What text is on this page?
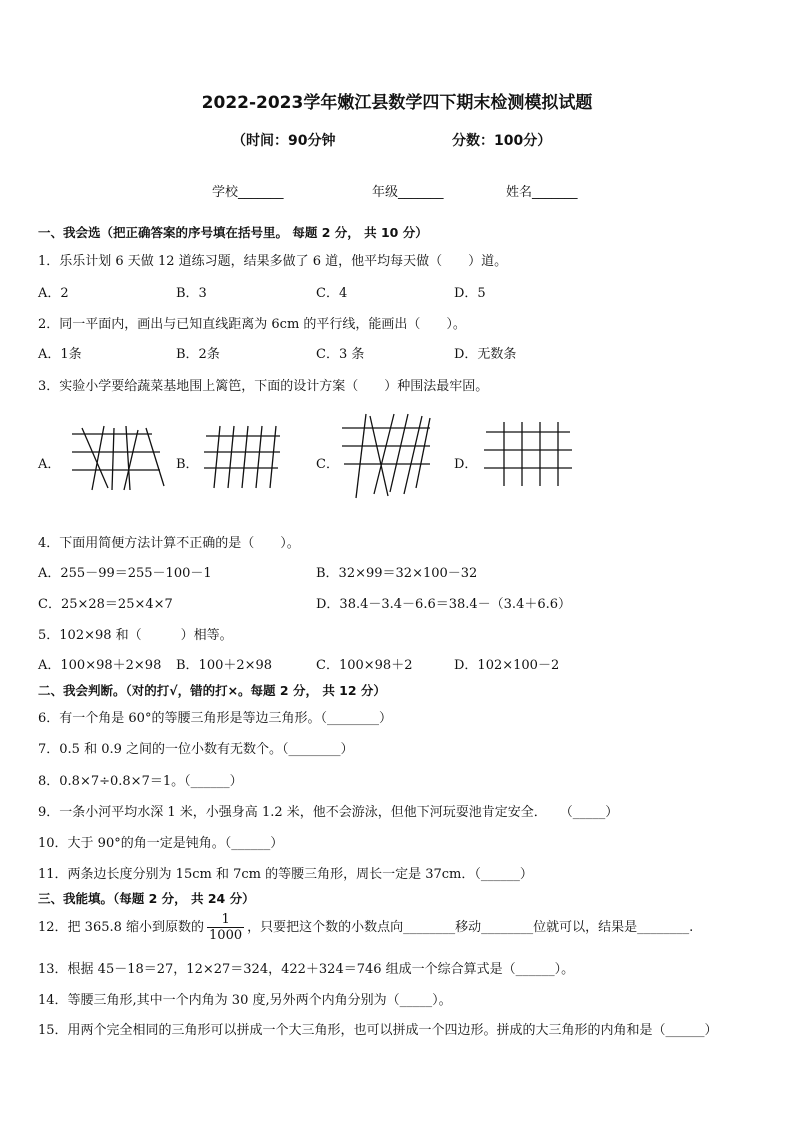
2022-2023学年嫩江县数学四下期末检测模拟试题
（时间：90分钟	分数：100分）
学校_______	年级_______	姓名_______
一、我会选（把正确答案的序号填在括号里。 每题 2 分， 共 10 分）
1．乐乐计划 6 天做 12 道练习题，结果多做了 6 道，他平均每天做（　　）道。
A．2	B．3	C．4	D．5
2．同一平面内，画出与已知直线距离为 6cm 的平行线，能画出（　　）。
A．1条	B．2条	C．3 条	D．无数条
3．实验小学要给蔬菜基地围上篱笆，下面的设计方案（　　）种围法最牢固。
A．	B．	C．	D．
4．下面用简便方法计算不正确的是（　　）。
A．255－99＝255－100－1	B．32×99＝32×100－32
C．25×28＝25×4×7	D．38.4－3.4－6.6＝38.4－（3.4＋6.6）
5．102×98 和（　　　）相等。
A．100×98＋2×98 B．100＋2×98	C．100×98＋2	D．102×100－2
二、我会判断。（对的打√，错的打×。每题 2 分， 共 12 分）
6．有一个角是 60°的等腰三角形是等边三角形。（________）
7．0.5 和 0.9 之间的一位小数有无数个。（________）
8．0.8×7÷0.8×7＝1。（______）
9．一条小河平均水深 1 米，小强身高 1.2 米，他不会游泳，但他下河玩耍池肯定安全．　　（_____）
10．大于 90°的角一定是钝角。（______）
11．两条边长度分别为 15cm 和 7cm 的等腰三角形，周长一定是 37cm．（______）
三、我能填。（每题 2 分， 共 24 分）
12．把 365.8 缩小到原数的 $\frac{1}{1000}$ ，只要把这个数的小数点向________移动________位就可以，结果是________.
13．根据 45－18＝27，12×27＝324，422＋324＝746 组成一个综合算式是（______）。
14．等腰三角形,其中一个内角为 30 度,另外两个内角分别为（_____）。
15．用两个完全相同的三角形可以拼成一个大三角形，也可以拼成一个四边形。拼成的大三角形的内角和是（______）
